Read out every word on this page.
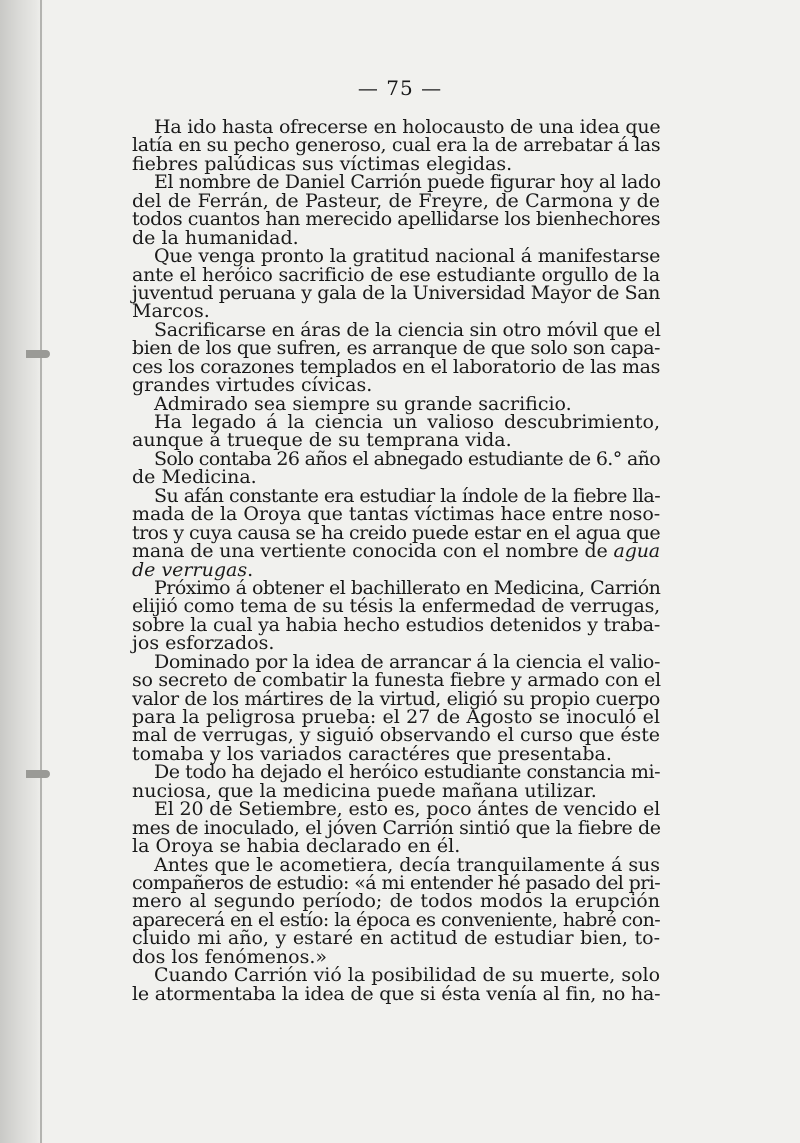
— 75 —
Ha ido hasta ofrecerse en holocausto de una idea que
latía en su pecho generoso, cual era la de arrebatar á las
fiebres palúdicas sus víctimas elegidas.
El nombre de Daniel Carrión puede figurar hoy al lado
del de Ferrán, de Pasteur, de Freyre, de Carmona y de
todos cuantos han merecido apellidarse los bienhechores
de la humanidad.
Que venga pronto la gratitud nacional á manifestarse
ante el heróico sacrificio de ese estudiante orgullo de la
juventud peruana y gala de la Universidad Mayor de San
Marcos.
Sacrificarse en áras de la ciencia sin otro móvil que el
bien de los que sufren, es arranque de que solo son capa-
ces los corazones templados en el laboratorio de las mas
grandes virtudes cívicas.
Admirado sea siempre su grande sacrificio.
Ha legado á la ciencia un valioso descubrimiento,
aunque á trueque de su temprana vida.
Solo contaba 26 años el abnegado estudiante de 6.° año
de Medicina.
Su afán constante era estudiar la índole de la fiebre lla-
mada de la Oroya que tantas víctimas hace entre noso-
tros y cuya causa se ha creido puede estar en el agua que
mana de una vertiente conocida con el nombre de agua
de verrugas.
Próximo á obtener el bachillerato en Medicina, Carrión
elijió como tema de su tésis la enfermedad de verrugas,
sobre la cual ya habia hecho estudios detenidos y traba-
jos esforzados.
Dominado por la idea de arrancar á la ciencia el valio-
so secreto de combatir la funesta fiebre y armado con el
valor de los mártires de la virtud, eligió su propio cuerpo
para la peligrosa prueba: el 27 de Agosto se inoculó el
mal de verrugas, y siguió observando el curso que éste
tomaba y los variados caractéres que presentaba.
De todo ha dejado el heróico estudiante constancia mi-
nuciosa, que la medicina puede mañana utilizar.
El 20 de Setiembre, esto es, poco ántes de vencido el
mes de inoculado, el jóven Carrión sintió que la fiebre de
la Oroya se habia declarado en él.
Antes que le acometiera, decía tranquilamente á sus
compañeros de estudio: «á mi entender hé pasado del pri-
mero al segundo período; de todos modos la erupción
aparecerá en el estío: la época es conveniente, habré con-
cluido mi año, y estaré en actitud de estudiar bien, to-
dos los fenómenos.»
Cuando Carrión vió la posibilidad de su muerte, solo
le atormentaba la idea de que si ésta venía al fin, no ha-
